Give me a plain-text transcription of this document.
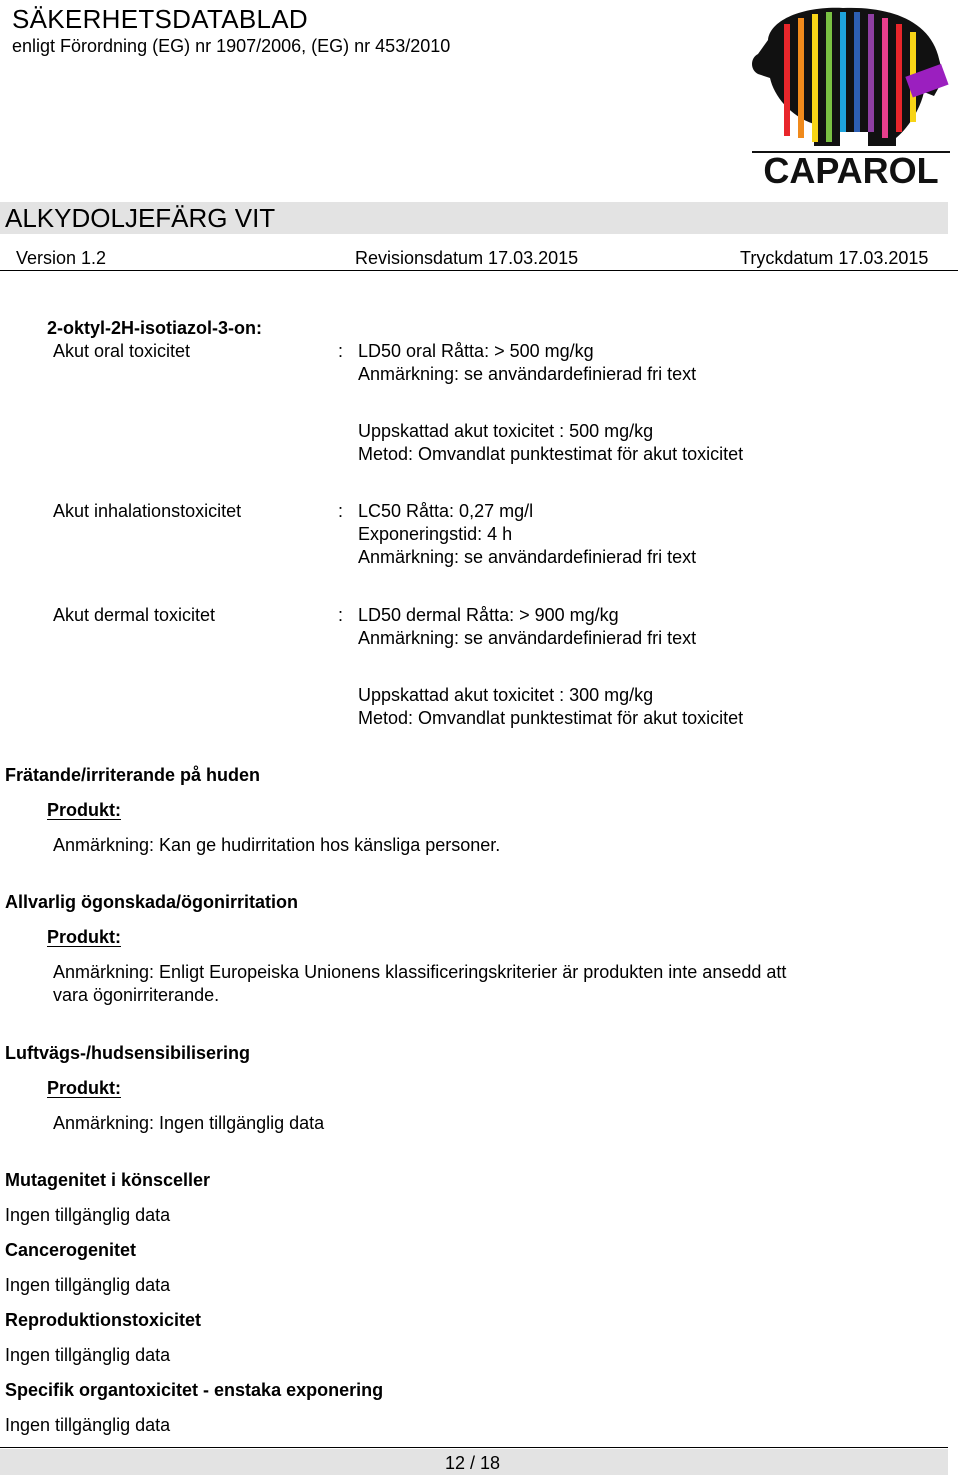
SÄKERHETSDATABLAD
enligt Förordning (EG) nr 1907/2006, (EG) nr 453/2010
CAPAROL
ALKYDOLJEFÄRG VIT
Version 1.2	Revisionsdatum 17.03.2015	Tryckdatum 17.03.2015
2-oktyl-2H-isotiazol-3-on:
Akut oral toxicitet	: LD50 oral Råtta: > 500 mg/kg
Anmärkning: se användardefinierad fri text
Uppskattad akut toxicitet : 500 mg/kg
Metod: Omvandlat punktestimat för akut toxicitet
Akut inhalationstoxicitet	: LC50 Råtta: 0,27 mg/l
Exponeringstid: 4 h
Anmärkning: se användardefinierad fri text
Akut dermal toxicitet	: LD50 dermal Råtta: > 900 mg/kg
Anmärkning: se användardefinierad fri text
Uppskattad akut toxicitet : 300 mg/kg
Metod: Omvandlat punktestimat för akut toxicitet
Frätande/irriterande på huden
Produkt:
Anmärkning: Kan ge hudirritation hos känsliga personer.
Allvarlig ögonskada/ögonirritation
Produkt:
Anmärkning: Enligt Europeiska Unionens klassificeringskriterier är produkten inte ansedd att
vara ögonirriterande.
Luftvägs-/hudsensibilisering
Produkt:
Anmärkning: Ingen tillgänglig data
Mutagenitet i könsceller
Ingen tillgänglig data
Cancerogenitet
Ingen tillgänglig data
Reproduktionstoxicitet
Ingen tillgänglig data
Specifik organtoxicitet - enstaka exponering
Ingen tillgänglig data
12 / 18
